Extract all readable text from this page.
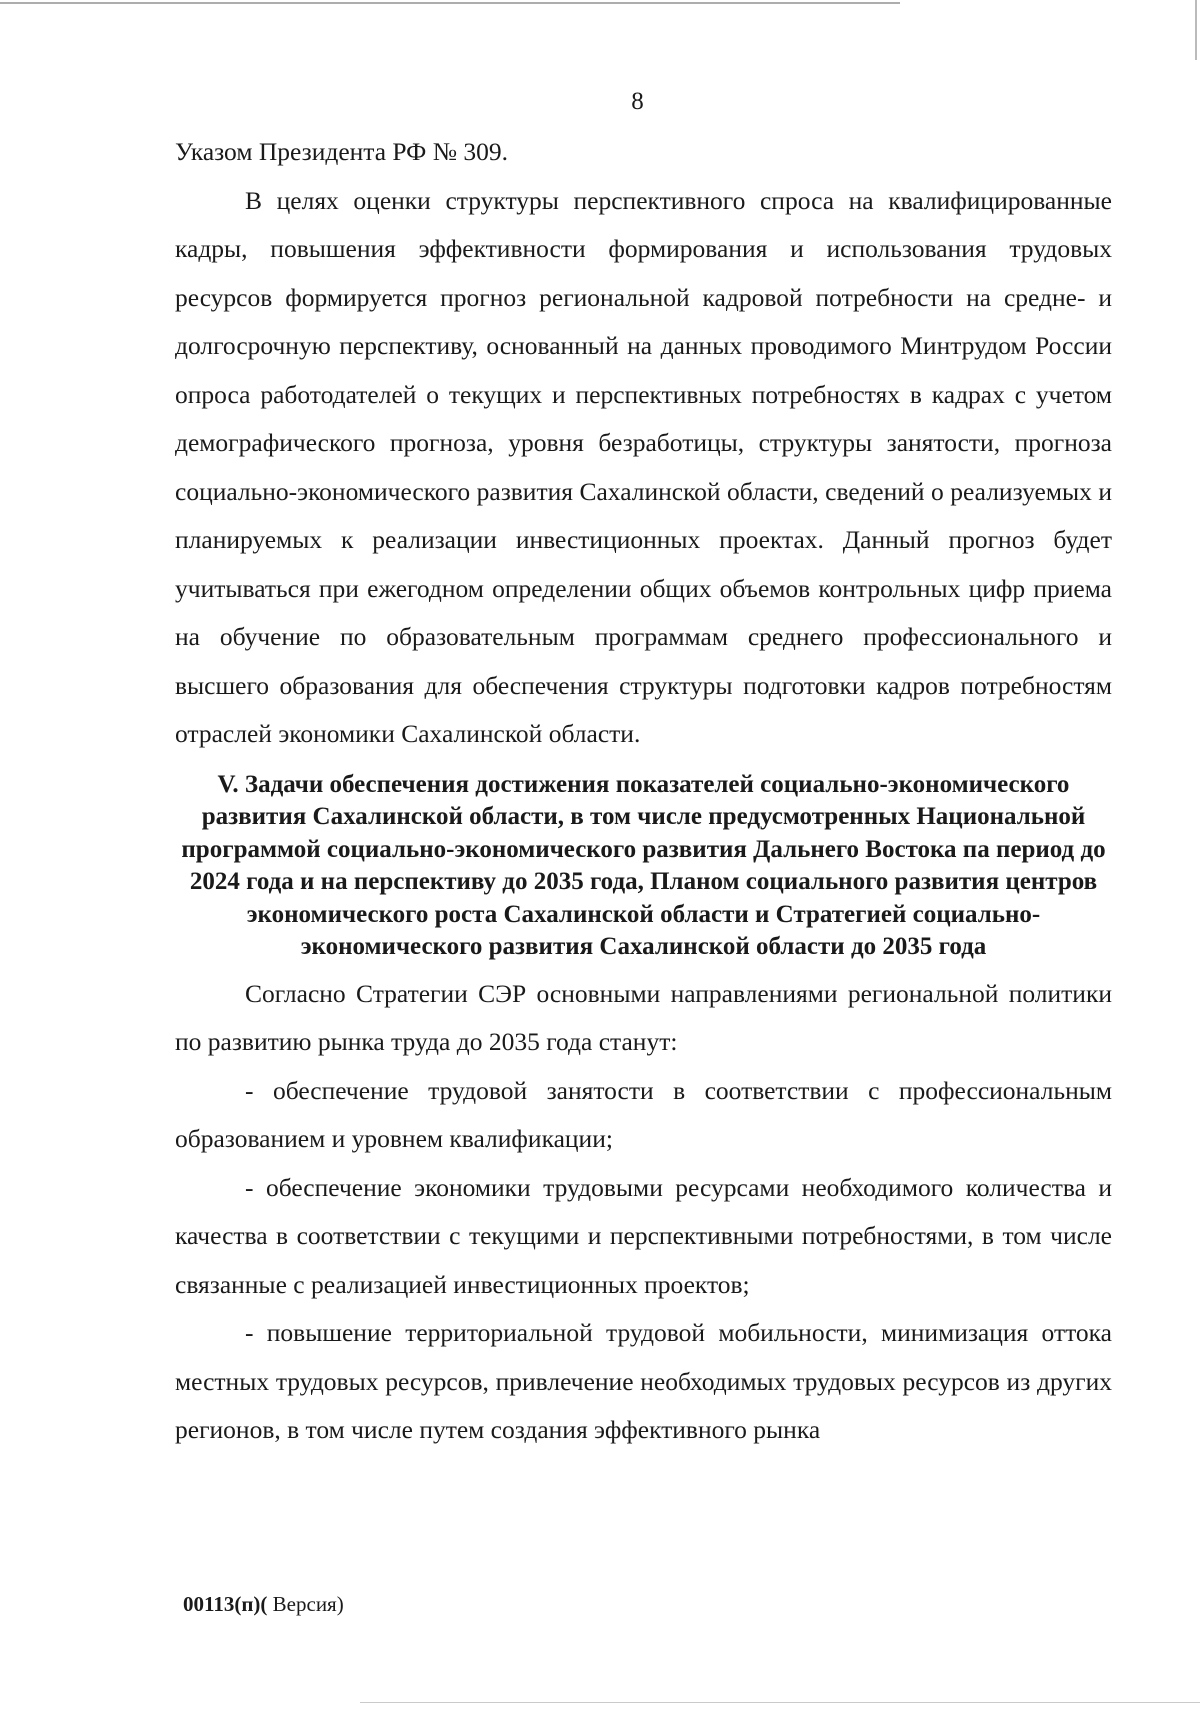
8

Указом Президента РФ № 309.

В целях оценки структуры перспективного спроса на квалифицированные кадры, повышения эффективности формирования и использования трудовых ресурсов формируется прогноз региональной кадровой потребности на средне- и долгосрочную перспективу, основанный на данных проводимого Минтрудом России опроса работодателей о текущих и перспективных потребностях в кадрах с учетом демографического прогноза, уровня безработицы, структуры занятости, прогноза социально-экономического развития Сахалинской области, сведений о реализуемых и планируемых к реализации инвестиционных проектах. Данный прогноз будет учитываться при ежегодном определении общих объемов контрольных цифр приема на обучение по образовательным программам среднего профессионального и высшего образования для обеспечения структуры подготовки кадров потребностям отраслей экономики Сахалинской области.

V. Задачи обеспечения достижения показателей социально-экономического развития Сахалинской области, в том числе предусмотренных Национальной программой социально-экономического развития Дальнего Востока па период до 2024 года и на перспективу до 2035 года, Планом социального развития центров экономического роста Сахалинской области и Стратегией социально-экономического развития Сахалинской области до 2035 года

Согласно Стратегии СЭР основными направлениями региональной политики по развитию рынка труда до 2035 года станут:

- обеспечение трудовой занятости в соответствии с профессиональным образованием и уровнем квалификации;

- обеспечение экономики трудовыми ресурсами необходимого количества и качества в соответствии с текущими и перспективными потребностями, в том числе связанные с реализацией инвестиционных проектов;

- повышение территориальной трудовой мобильности, минимизация оттока местных трудовых ресурсов, привлечение необходимых трудовых ресурсов из других регионов, в том числе путем создания эффективного рынка

00113(п)( Версия)
